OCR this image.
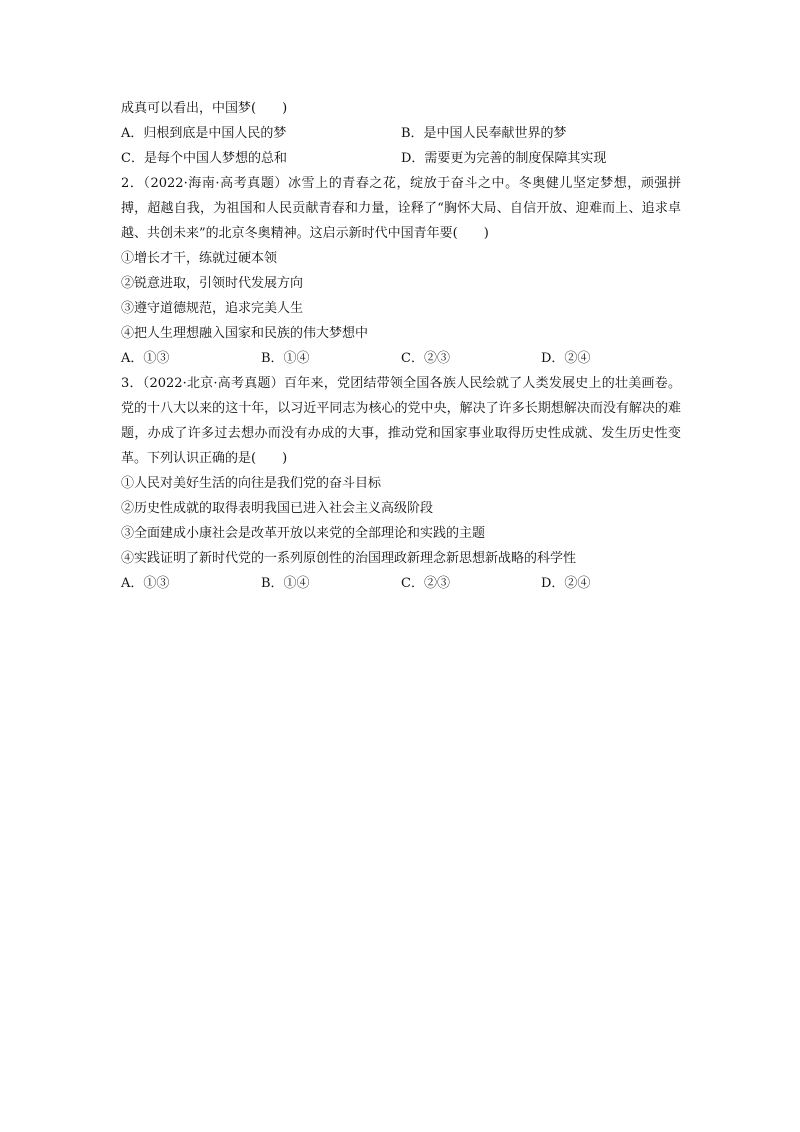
成真可以看出，中国梦(　　)
A．归根到底是中国人民的梦	B．是中国人民奉献世界的梦
C．是每个中国人梦想的总和	D．需要更为完善的制度保障其实现
2．（2022·海南·高考真题）冰雪上的青春之花，绽放于奋斗之中。冬奥健儿坚定梦想，顽强拼搏，超越自我，为祖国和人民贡献青春和力量，诠释了“胸怀大局、自信开放、迎难而上、追求卓越、共创未来”的北京冬奥精神。这启示新时代中国青年要(　　)
①增长才干，练就过硬本领
②锐意进取，引领时代发展方向
③遵守道德规范，追求完美人生
④把人生理想融入国家和民族的伟大梦想中
A．①③	B．①④	C．②③	D．②④
3．（2022·北京·高考真题）百年来，党团结带领全国各族人民绘就了人类发展史上的壮美画卷。党的十八大以来的这十年，以习近平同志为核心的党中央，解决了许多长期想解决而没有解决的难题，办成了许多过去想办而没有办成的大事，推动党和国家事业取得历史性成就、发生历史性变革。下列认识正确的是(　　)
①人民对美好生活的向往是我们党的奋斗目标
②历史性成就的取得表明我国已进入社会主义高级阶段
③全面建成小康社会是改革开放以来党的全部理论和实践的主题
④实践证明了新时代党的一系列原创性的治国理政新理念新思想新战略的科学性
A．①③	B．①④	C．②③	D．②④
